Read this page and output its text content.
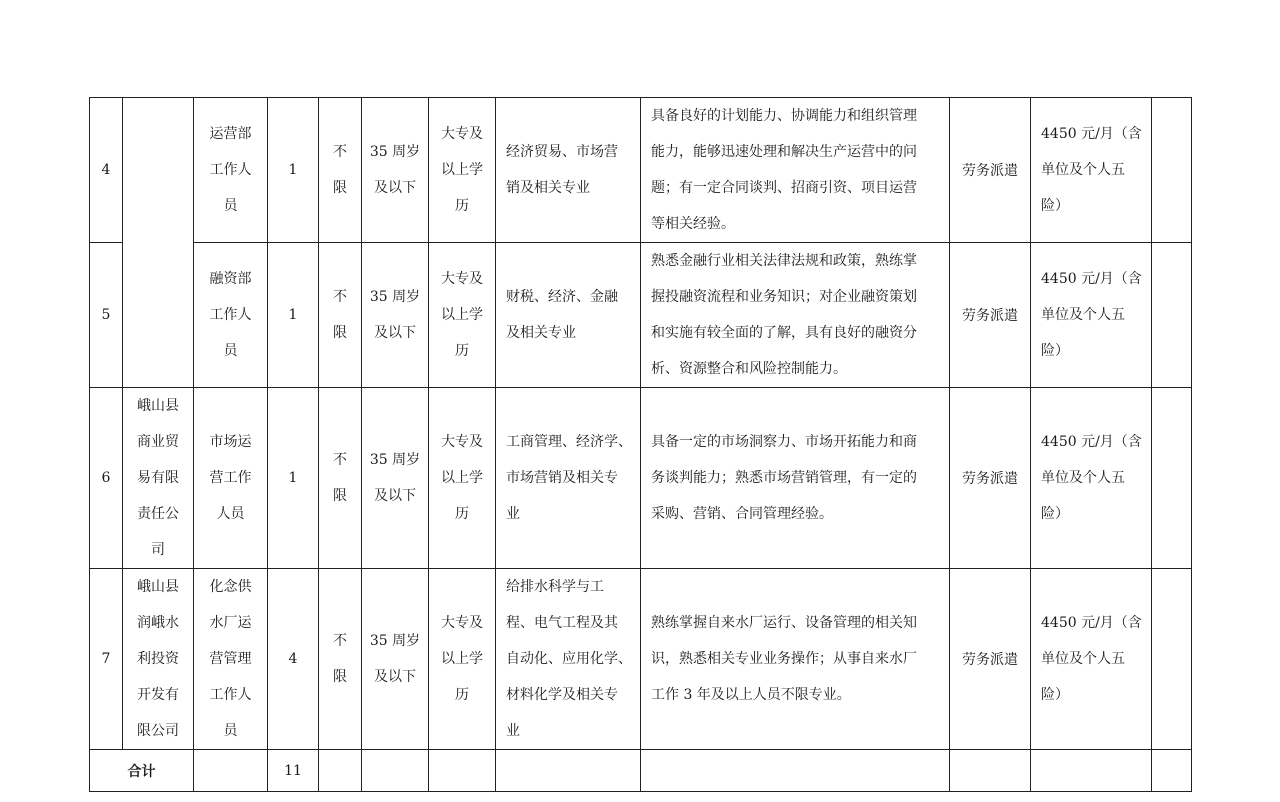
4		运营部
工作人
员	1	不
限	35 周岁
及以下	大专及
以上学
历	经济贸易、市场营
销及相关专业	具备良好的计划能力、协调能力和组织管理
能力，能够迅速处理和解决生产运营中的问
题；有一定合同谈判、招商引资、项目运营
等相关经验。	劳务派遣	4450 元/月（含
单位及个人五
险）	
5		融资部
工作人
员	1	不
限	35 周岁
及以下	大专及
以上学
历	财税、经济、金融
及相关专业	熟悉金融行业相关法律法规和政策，熟练掌
握投融资流程和业务知识；对企业融资策划
和实施有较全面的了解，具有良好的融资分
析、资源整合和风险控制能力。	劳务派遣	4450 元/月（含
单位及个人五
险）	
6	峨山县
商业贸
易有限
责任公
司	市场运
营工作
人员	1	不
限	35 周岁
及以下	大专及
以上学
历	工商管理、经济学、
市场营销及相关专
业	具备一定的市场洞察力、市场开拓能力和商
务谈判能力；熟悉市场营销管理，有一定的
采购、营销、合同管理经验。	劳务派遣	4450 元/月（含
单位及个人五
险）	
7	峨山县
润峨水
利投资
开发有
限公司	化念供
水厂运
营管理
工作人
员	4	不
限	35 周岁
及以下	大专及
以上学
历	给排水科学与工
程、电气工程及其
自动化、应用化学、
材料化学及相关专
业	熟练掌握自来水厂运行、设备管理的相关知
识，熟悉相关专业业务操作；从事自来水厂
工作 3 年及以上人员不限专业。	劳务派遣	4450 元/月（含
单位及个人五
险）	
合计			11								
